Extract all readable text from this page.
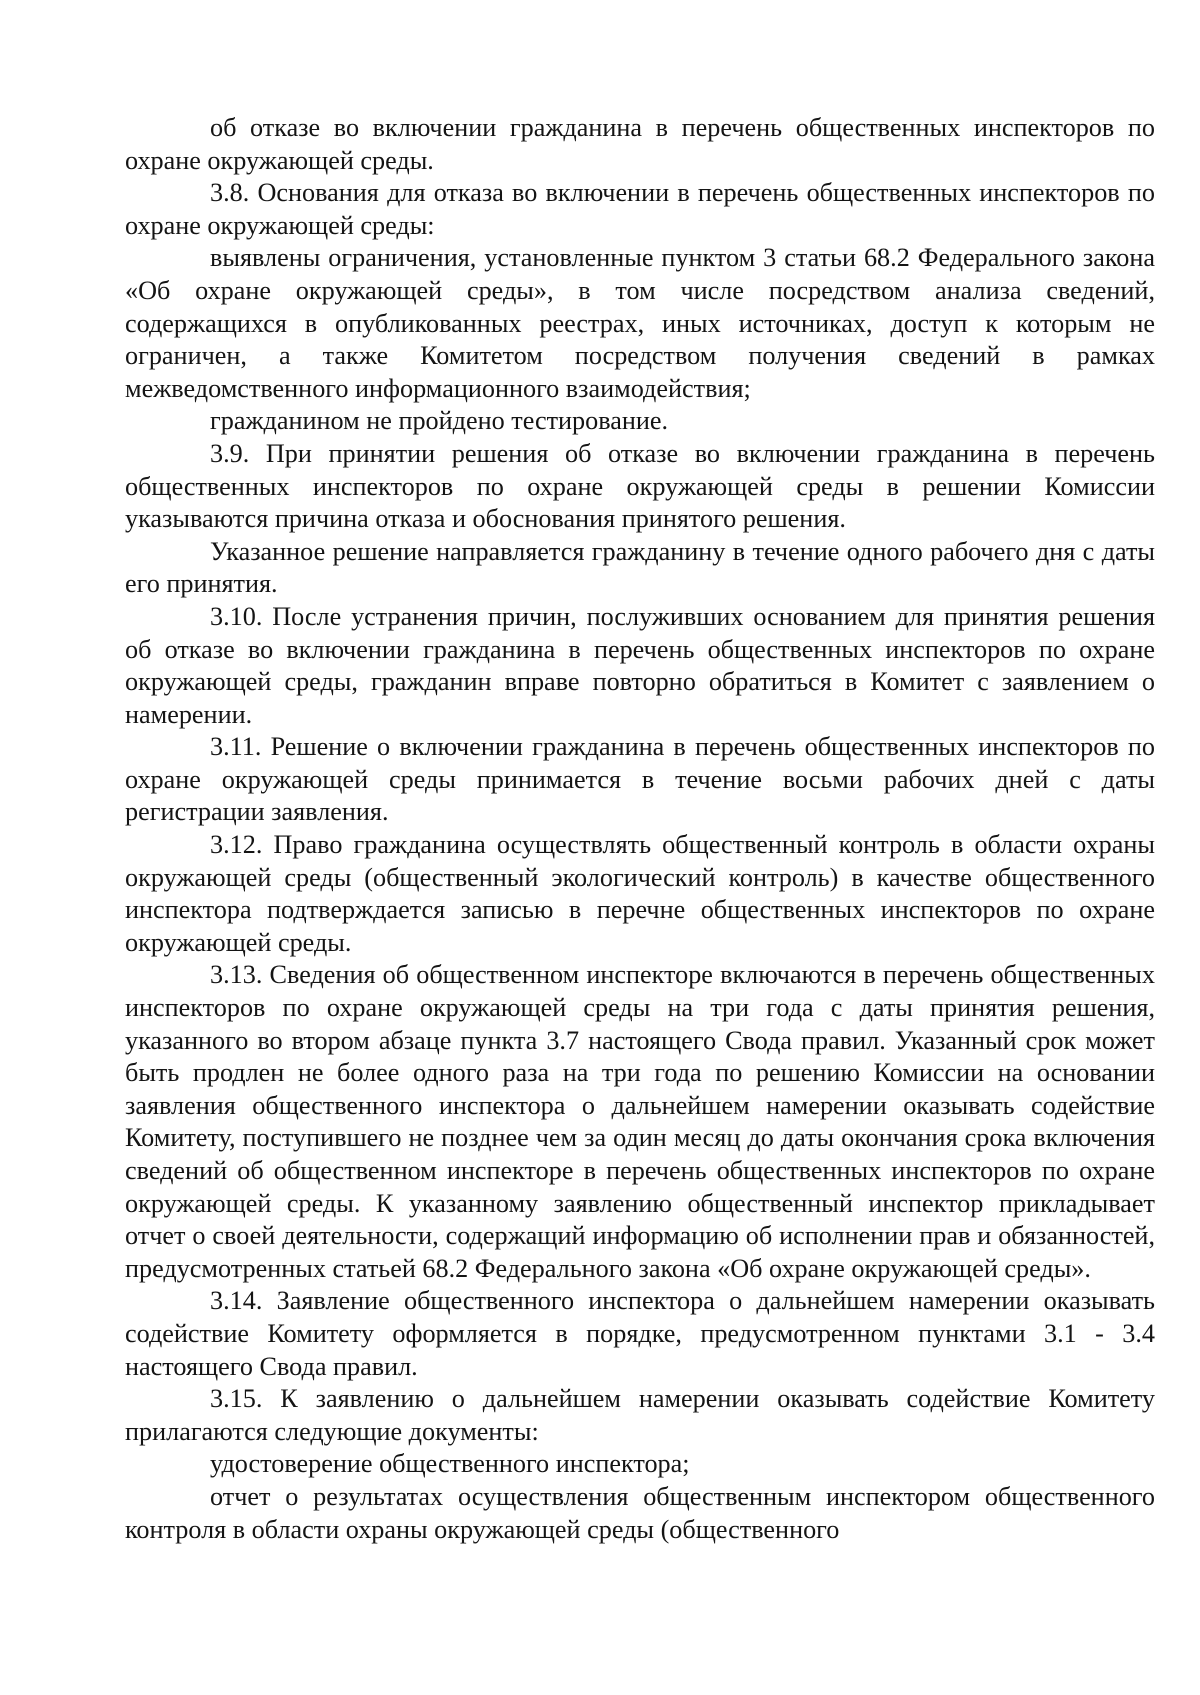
об отказе во включении гражданина в перечень общественных инспекторов по охране окружающей среды.

3.8. Основания для отказа во включении в перечень общественных инспекторов по охране окружающей среды:

выявлены ограничения, установленные пунктом 3 статьи 68.2 Федерального закона «Об охране окружающей среды», в том числе посредством анализа сведений, содержащихся в опубликованных реестрах, иных источниках, доступ к которым не ограничен, а также Комитетом посредством получения сведений в рамках межведомственного информационного взаимодействия;

гражданином не пройдено тестирование.

3.9. При принятии решения об отказе во включении гражданина в перечень общественных инспекторов по охране окружающей среды в решении Комиссии указываются причина отказа и обоснования принятого решения.

Указанное решение направляется гражданину в течение одного рабочего дня с даты его принятия.

3.10. После устранения причин, послуживших основанием для принятия решения об отказе во включении гражданина в перечень общественных инспекторов по охране окружающей среды, гражданин вправе повторно обратиться в Комитет с заявлением о намерении.

3.11. Решение о включении гражданина в перечень общественных инспекторов по охране окружающей среды принимается в течение восьми рабочих дней с даты регистрации заявления.

3.12. Право гражданина осуществлять общественный контроль в области охраны окружающей среды (общественный экологический контроль) в качестве общественного инспектора подтверждается записью в перечне общественных инспекторов по охране окружающей среды.

3.13. Сведения об общественном инспекторе включаются в перечень общественных инспекторов по охране окружающей среды на три года с даты принятия решения, указанного во втором абзаце пункта 3.7 настоящего Свода правил. Указанный срок может быть продлен не более одного раза на три года по решению Комиссии на основании заявления общественного инспектора о дальнейшем намерении оказывать содействие Комитету, поступившего не позднее чем за один месяц до даты окончания срока включения сведений об общественном инспекторе в перечень общественных инспекторов по охране окружающей среды. К указанному заявлению общественный инспектор прикладывает отчет о своей деятельности, содержащий информацию об исполнении прав и обязанностей, предусмотренных статьей 68.2 Федерального закона «Об охране окружающей среды».

3.14. Заявление общественного инспектора о дальнейшем намерении оказывать содействие Комитету оформляется в порядке, предусмотренном пунктами 3.1 - 3.4 настоящего Свода правил.

3.15. К заявлению о дальнейшем намерении оказывать содействие Комитету прилагаются следующие документы:

удостоверение общественного инспектора;

отчет о результатах осуществления общественным инспектором общественного контроля в области охраны окружающей среды (общественного
